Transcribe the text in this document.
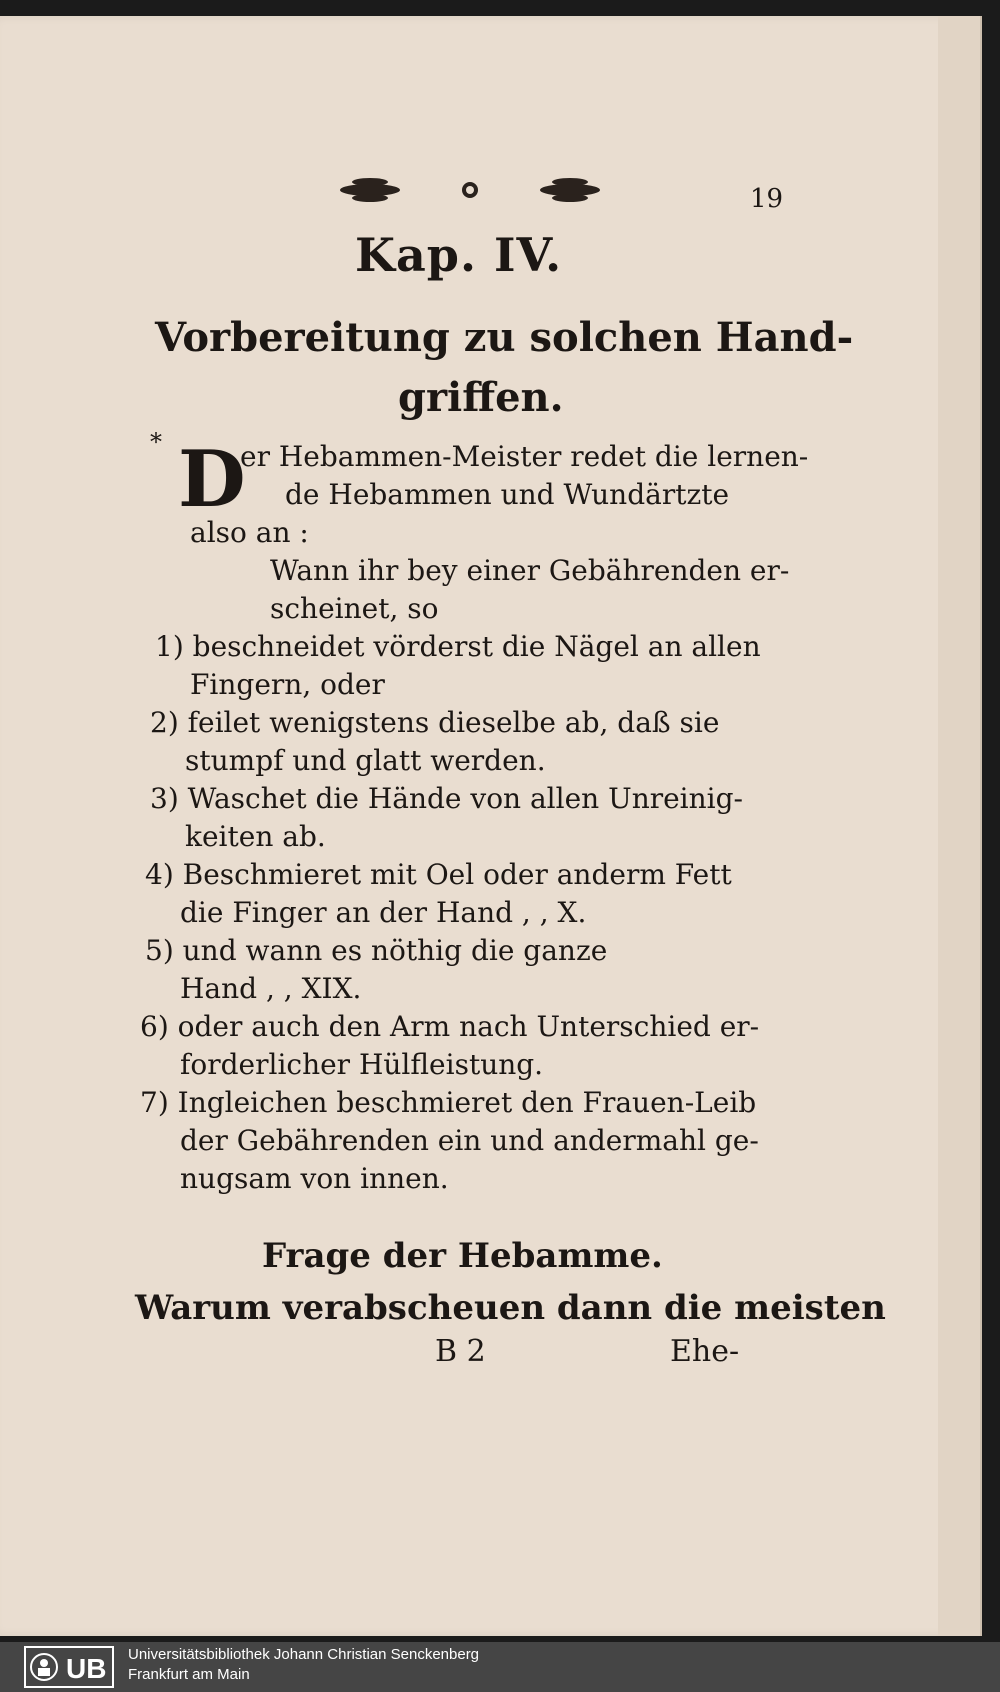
19
Kap. IV.
Vorbereitung zu solchen Hand-
griffen.
* D
er Hebammen-Meister redet die lernen-
de Hebammen und Wundärtzte
also an :
Wann ihr bey einer Gebährenden er-
scheinet, so
1) beschneidet vörderst die Nägel an allen
Fingern, oder
2) feilet wenigstens dieselbe ab, daß sie
stumpf und glatt werden.
3) Waschet die Hände von allen Unreinig-
keiten ab.
4) Beschmieret mit Oel oder anderm Fett
die Finger an der Hand , , X.
5) und wann es nöthig die ganze
Hand , , XIX.
6) oder auch den Arm nach Unterschied er-
forderlicher Hülfleistung.
7) Ingleichen beschmieret den Frauen-Leib
der Gebährenden ein und andermahl ge-
nugsam von innen.
Frage der Hebamme.
Warum verabscheuen dann die meisten
B 2	Ehe-
UB Universitätsbibliothek Johann Christian Senckenberg
Frankfurt am Main
